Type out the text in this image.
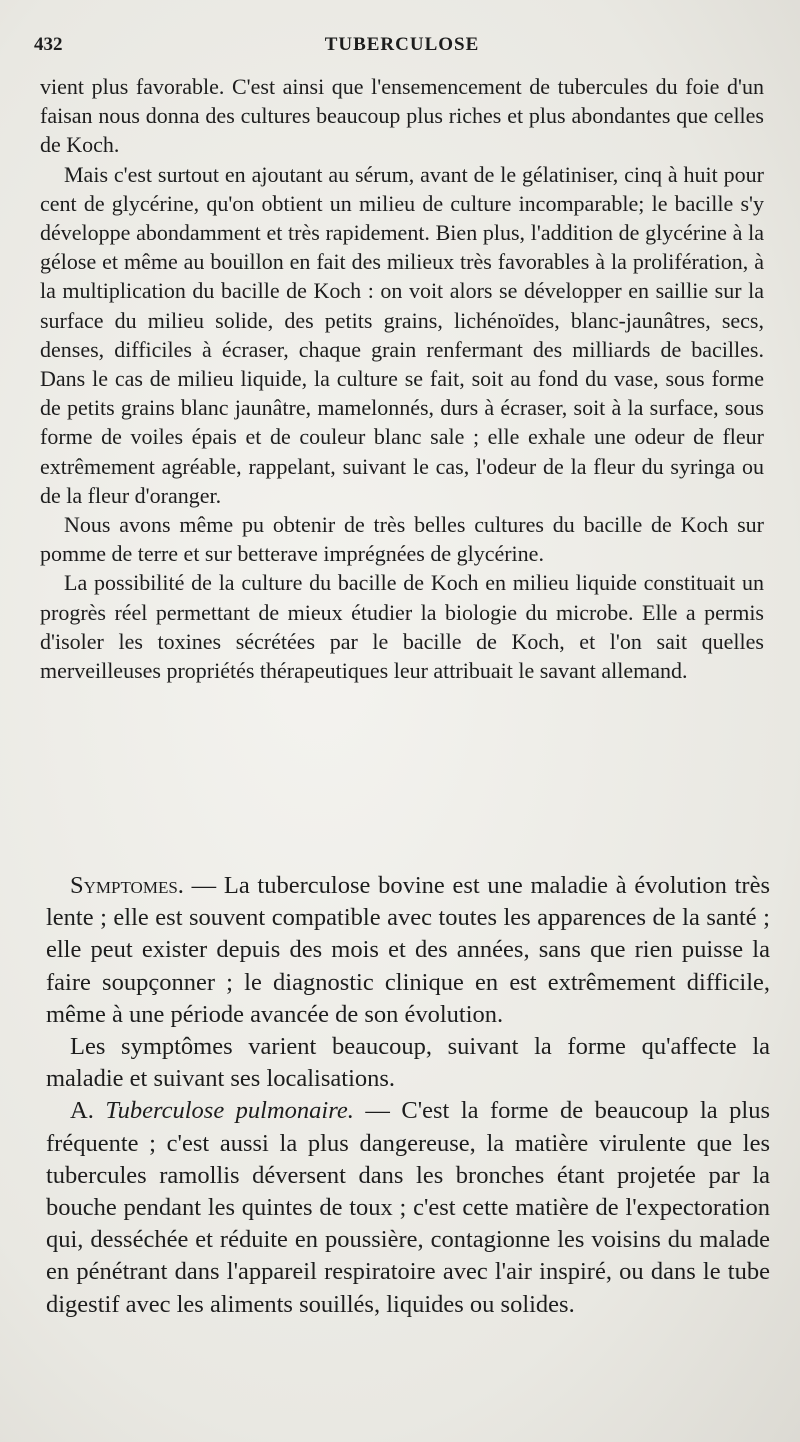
432	TUBERCULOSE

vient plus favorable. C'est ainsi que l'ensemencement de tubercules du foie d'un faisan nous donna des cultures beaucoup plus riches et plus abondantes que celles de Koch.

Mais c'est surtout en ajoutant au sérum, avant de le gélatiniser, cinq à huit pour cent de glycérine, qu'on obtient un milieu de culture incomparable; le bacille s'y développe abondamment et très rapidement. Bien plus, l'addition de glycérine à la gélose et même au bouillon en fait des milieux très favorables à la prolifération, à la multiplication du bacille de Koch : on voit alors se développer en saillie sur la surface du milieu solide, des petits grains, lichénoïdes, blanc-jaunâtres, secs, denses, difficiles à écraser, chaque grain renfermant des milliards de bacilles. Dans le cas de milieu liquide, la culture se fait, soit au fond du vase, sous forme de petits grains blanc jaunâtre, mamelonnés, durs à écraser, soit à la surface, sous forme de voiles épais et de couleur blanc sale ; elle exhale une odeur de fleur extrêmement agréable, rappelant, suivant le cas, l'odeur de la fleur du syringa ou de la fleur d'oranger.

Nous avons même pu obtenir de très belles cultures du bacille de Koch sur pomme de terre et sur betterave imprégnées de glycérine.

La possibilité de la culture du bacille de Koch en milieu liquide constituait un progrès réel permettant de mieux étudier la biologie du microbe. Elle a permis d'isoler les toxines sécrétées par le bacille de Koch, et l'on sait quelles merveilleuses propriétés thérapeutiques leur attribuait le savant allemand.

Symptomes. — La tuberculose bovine est une maladie à évolution très lente ; elle est souvent compatible avec toutes les apparences de la santé ; elle peut exister depuis des mois et des années, sans que rien puisse la faire soupçonner ; le diagnostic clinique en est extrêmement difficile, même à une période avancée de son évolution.

Les symptômes varient beaucoup, suivant la forme qu'affecte la maladie et suivant ses localisations.

A. Tuberculose pulmonaire. — C'est la forme de beaucoup la plus fréquente ; c'est aussi la plus dangereuse, la matière virulente que les tubercules ramollis déversent dans les bronches étant projetée par la bouche pendant les quintes de toux ; c'est cette matière de l'expectoration qui, desséchée et réduite en poussière, contagionne les voisins du malade en pénétrant dans l'appareil respiratoire avec l'air inspiré, ou dans le tube digestif avec les aliments souillés, liquides ou solides.
